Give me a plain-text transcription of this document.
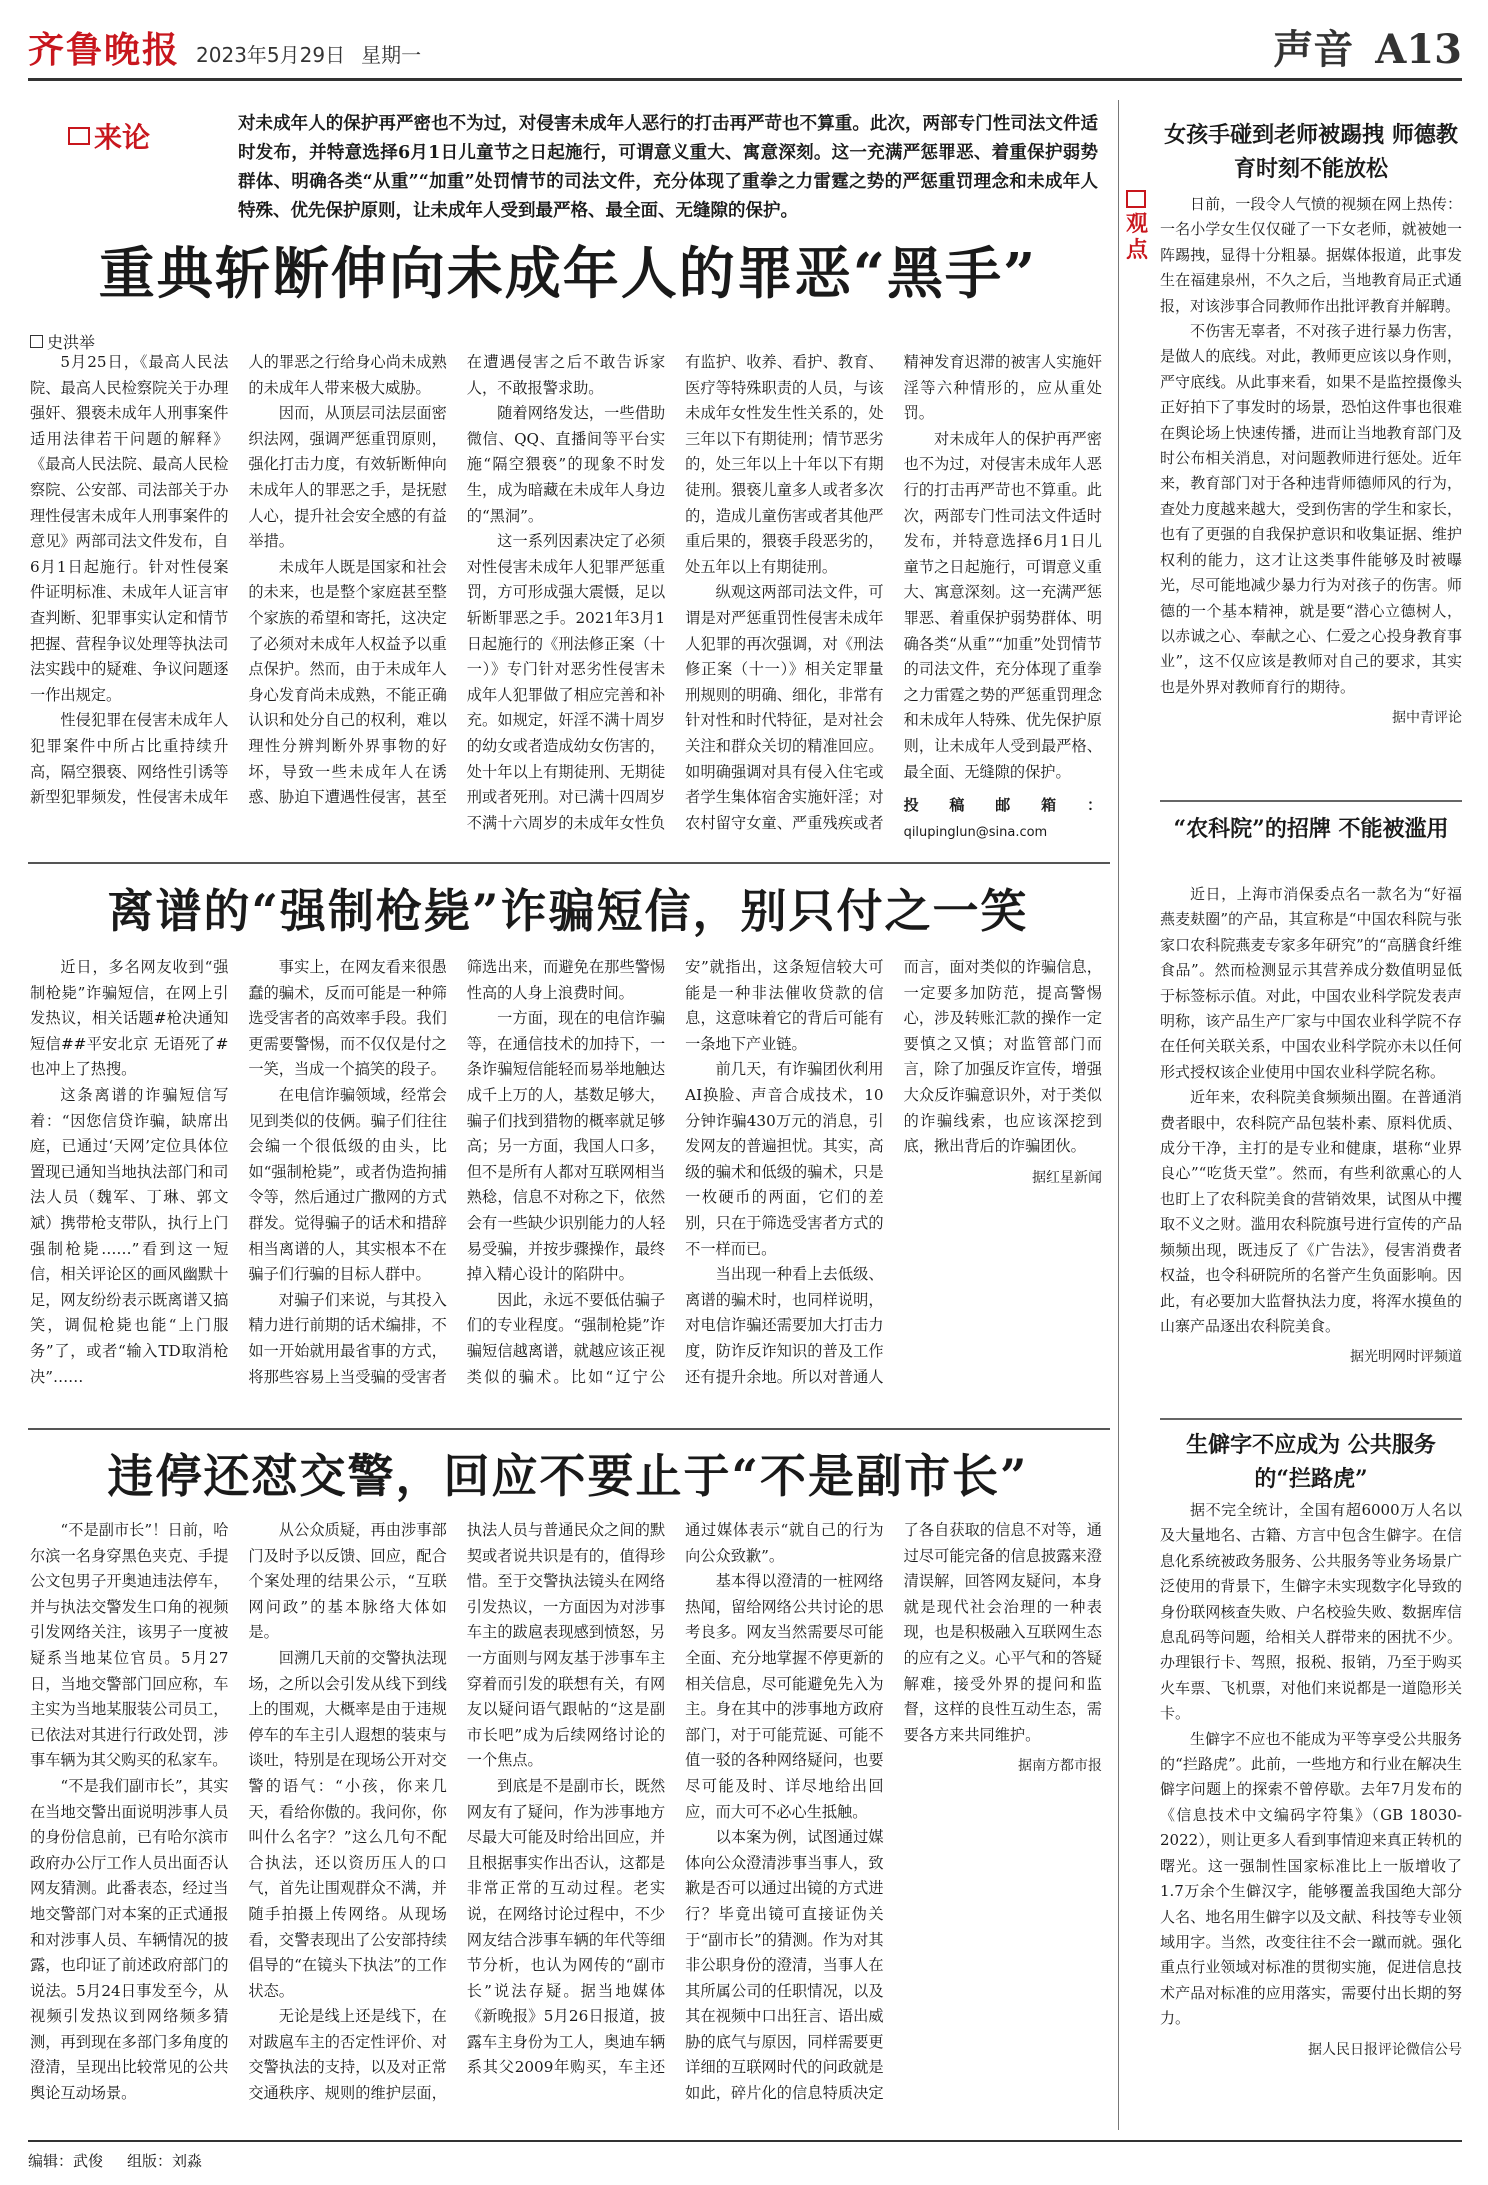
齐鲁晚报 2023年5月29日 星期一	声音 A13
来论	对未成年人的保护再严密也不为过，对侵害未成年人恶行的打击再严苛也不算重。此次，两部专门性司法文件适时发布，并特意选择6月1日儿童节之日起施行，可谓意义重大、寓意深刻。这一充满严惩罪恶、着重保护弱势群体、明确各类“从重”“加重”处罚情节的司法文件，充分体现了重拳之力雷霆之势的严惩重罚理念和未成年人特殊、优先保护原则，让未成年人受到最严格、最全面、无缝隙的保护。
重典斩断伸向未成年人的罪恶“黑手”
史洪举

5月25日，《最高人民法院、最高人民检察院关于办理强奸、猥亵未成年人刑事案件适用法律若干问题的解释》《最高人民法院、最高人民检察院、公安部、司法部关于办理性侵害未成年人刑事案件的意见》两部司法文件发布，自6月1日起施行。针对性侵案件证明标准、未成年人证言审查判断、犯罪事实认定和情节把握、营程争议处理等执法司法实践中的疑难、争议问题逐一作出规定。

性侵犯罪在侵害未成年人犯罪案件中所占比重持续升高，隔空猥亵、网络性引诱等新型犯罪频发，性侵害未成年人的罪恶之行给身心尚未成熟的未成年人带来极大威胁。

因而，从顶层司法层面密织法网，强调严惩重罚原则，强化打击力度，有效斩断伸向未成年人的罪恶之手，是抚慰人心，提升社会安全感的有益举措。

未成年人既是国家和社会的未来，也是整个家庭甚至整个家族的希望和寄托，这决定了必须对未成年人权益予以重点保护。然而，由于未成年人身心发育尚未成熟，不能正确认识和处分自己的权利，难以理性分辨判断外界事物的好坏，导致一些未成年人在诱惑、胁迫下遭遇性侵害，甚至在遭遇侵害之后不敢告诉家人，不敢报警求助。

随着网络发达，一些借助微信、QQ、直播间等平台实施“隔空猥亵”的现象不时发生，成为暗藏在未成年人身边的“黑洞”。

这一系列因素决定了必须对性侵害未成年人犯罪严惩重罚，方可形成强大震慑，足以斩断罪恶之手。2021年3月1日起施行的《刑法修正案（十一）》专门针对恶劣性侵害未成年人犯罪做了相应完善和补充。如规定，奸淫不满十周岁的幼女或者造成幼女伤害的，处十年以上有期徒刑、无期徒刑或者死刑。对已满十四周岁不满十六周岁的未成年女性负有监护、收养、看护、教育、医疗等特殊职责的人员，与该未成年女性发生性关系的，处三年以下有期徒刑；情节恶劣的，处三年以上十年以下有期徒刑。猥亵儿童多人或者多次的，造成儿童伤害或者其他严重后果的，猥亵手段恶劣的，处五年以上有期徒刑。

纵观这两部司法文件，可谓是对严惩重罚性侵害未成年人犯罪的再次强调，对《刑法修正案（十一）》相关定罪量刑规则的明确、细化，非常有针对性和时代特征，是对社会关注和群众关切的精准回应。如明确强调对具有侵入住宅或者学生集体宿舍实施奸淫；对农村留守女童、严重残疾或者精神发育迟滞的被害人实施奸淫等六种情形的，应从重处罚。

对未成年人的保护再严密也不为过，对侵害未成年人恶行的打击再严苛也不算重。此次，两部专门性司法文件适时发布，并特意选择6月1日儿童节之日起施行，可谓意义重大、寓意深刻。这一充满严惩罪恶、着重保护弱势群体、明确各类“从重”“加重”处罚情节的司法文件，充分体现了重拳之力雷霆之势的严惩重罚理念和未成年人特殊、优先保护原则，让未成年人受到最严格、最全面、无缝隙的保护。

投稿邮箱：qilupinglun@sina.com
离谱的“强制枪毙”诈骗短信，别只付之一笑

近日，多名网友收到“强制枪毙”诈骗短信，在网上引发热议，相关话题#枪决通知短信##平安北京 无语死了#也冲上了热搜。

这条离谱的诈骗短信写着：“因您信贷诈骗，缺席出庭，已通过‘天网’定位具体位置现已通知当地执法部门和司法人员（魏军、丁琳、郭文斌）携带枪支带队，执行上门强制枪毙……”看到这一短信，相关评论区的画风幽默十足，网友纷纷表示既离谱又搞笑，调侃枪毙也能“上门服务”了，或者“输入TD取消枪决”……

事实上，在网友看来很愚蠢的骗术，反而可能是一种筛选受害者的高效率手段。我们更需要警惕，而不仅仅是付之一笑，当成一个搞笑的段子。

在电信诈骗领域，经常会见到类似的伎俩。骗子们往往会编一个很低级的由头，比如“强制枪毙”，或者伪造拘捕令等，然后通过广撒网的方式群发。觉得骗子的话术和措辞相当离谱的人，其实根本不在骗子们行骗的目标人群中。

对骗子们来说，与其投入精力进行前期的话术编排，不如一开始就用最省事的方式，将那些容易上当受骗的受害者筛选出来，而避免在那些警惕性高的人身上浪费时间。

一方面，现在的电信诈骗等，在通信技术的加持下，一条诈骗短信能轻而易举地触达成千上万的人，基数足够大，骗子们找到猎物的概率就足够高；另一方面，我国人口多，但不是所有人都对互联网相当熟稔，信息不对称之下，依然会有一些缺少识别能力的人轻易受骗，并按步骤操作，最终掉入精心设计的陷阱中。

因此，永远不要低估骗子们的专业程度。“强制枪毙”诈骗短信越离谱，就越应该正视类似的骗术。比如“辽宁公安”就指出，这条短信较大可能是一种非法催收贷款的信息，这意味着它的背后可能有一条地下产业链。

前几天，有诈骗团伙利用AI换脸、声音合成技术，10分钟诈骗430万元的消息，引发网友的普遍担忧。其实，高级的骗术和低级的骗术，只是一枚硬币的两面，它们的差别，只在于筛选受害者方式的不一样而已。

当出现一种看上去低级、离谱的骗术时，也同样说明，对电信诈骗还需要加大打击力度，防诈反诈知识的普及工作还有提升余地。所以对普通人而言，面对类似的诈骗信息，一定要多加防范，提高警惕心，涉及转账汇款的操作一定要慎之又慎；对监管部门而言，除了加强反诈宣传，增强大众反诈骗意识外，对于类似的诈骗线索，也应该深挖到底，揪出背后的诈骗团伙。

据红星新闻
违停还怼交警，回应不要止于“不是副市长”

“不是副市长”！日前，哈尔滨一名身穿黑色夹克、手提公文包男子开奥迪违法停车，并与执法交警发生口角的视频引发网络关注，该男子一度被疑系当地某位官员。5月27日，当地交警部门回应称，车主实为当地某服装公司员工，已依法对其进行行政处罚，涉事车辆为其父购买的私家车。

“不是我们副市长”，其实在当地交警出面说明涉事人员的身份信息前，已有哈尔滨市政府办公厅工作人员出面否认网友猜测。此番表态，经过当地交警部门对本案的正式通报和对涉事人员、车辆情况的披露，也印证了前述政府部门的说法。5月24日事发至今，从视频引发热议到网络频多猜测，再到现在多部门多角度的澄清，呈现出比较常见的公共舆论互动场景。

从公众质疑，再由涉事部门及时予以反馈、回应，配合个案处理的结果公示，“互联网问政”的基本脉络大体如是。

回溯几天前的交警执法现场，之所以会引发从线下到线上的围观，大概率是由于违规停车的车主引人遐想的装束与谈吐，特别是在现场公开对交警的语气：“小孩，你来几天，看给你傲的。我问你，你叫什么名字？”这么几句不配合执法，还以资历压人的口气，首先让围观群众不满，并随手拍摄上传网络。从现场看，交警表现出了公安部持续倡导的“在镜头下执法”的工作状态。

无论是线上还是线下，在对跋扈车主的否定性评价、对交警执法的支持，以及对正常交通秩序、规则的维护层面，执法人员与普通民众之间的默契或者说共识是有的，值得珍惜。至于交警执法镜头在网络引发热议，一方面因为对涉事车主的跋扈表现感到愤怒，另一方面则与网友基于涉事车主穿着而引发的联想有关，有网友以疑问语气跟帖的“这是副市长吧”成为后续网络讨论的一个焦点。

到底是不是副市长，既然网友有了疑问，作为涉事地方尽最大可能及时给出回应，并且根据事实作出否认，这都是非常正常的互动过程。老实说，在网络讨论过程中，不少网友结合涉事车辆的年代等细节分析，也认为网传的“副市长”说法存疑。据当地媒体《新晚报》5月26日报道，披露车主身份为工人，奥迪车辆系其父2009年购买，车主还通过媒体表示“就自己的行为向公众致歉”。

基本得以澄清的一桩网络热闻，留给网络公共讨论的思考良多。网友当然需要尽可能全面、充分地掌握不停更新的相关信息，尽可能避免先入为主。身在其中的涉事地方政府部门，对于可能荒诞、可能不值一驳的各种网络疑问，也要尽可能及时、详尽地给出回应，而大可不必心生抵触。

以本案为例，试图通过媒体向公众澄清涉事当事人，致歉是否可以通过出镜的方式进行？毕竟出镜可直接证伪关于“副市长”的猜测。作为对其非公职身份的澄清，当事人在其所属公司的任职情况，以及其在视频中口出狂言、语出威胁的底气与原因，同样需要更详细的互联网时代的问政就是如此，碎片化的信息特质决定了各自获取的信息不对等，通过尽可能完备的信息披露来澄清误解，回答网友疑问，本身就是现代社会治理的一种表现，也是积极融入互联网生态的应有之义。心平气和的答疑解难，接受外界的提问和监督，这样的良性互动生态，需要各方来共同维护。

据南方都市报
观点
女孩手碰到老师被踢拽 师德教育时刻不能放松

日前，一段令人气愤的视频在网上热传：一名小学女生仅仅碰了一下女老师，就被她一阵踢拽，显得十分粗暴。据媒体报道，此事发生在福建泉州，不久之后，当地教育局正式通报，对该涉事合同教师作出批评教育并解聘。

不伤害无辜者，不对孩子进行暴力伤害，是做人的底线。对此，教师更应该以身作则，严守底线。从此事来看，如果不是监控摄像头正好拍下了事发时的场景，恐怕这件事也很难在舆论场上快速传播，进而让当地教育部门及时公布相关消息，对问题教师进行惩处。近年来，教育部门对于各种违背师德师风的行为，查处力度越来越大，受到伤害的学生和家长，也有了更强的自我保护意识和收集证据、维护权利的能力，这才让这类事件能够及时被曝光，尽可能地减少暴力行为对孩子的伤害。师德的一个基本精神，就是要“潜心立德树人，以赤诚之心、奉献之心、仁爱之心投身教育事业”，这不仅应该是教师对自己的要求，其实也是外界对教师育行的期待。

据中青评论
“农科院”的招牌 不能被滥用

近日，上海市消保委点名一款名为“好福燕麦麸圈”的产品，其宣称是“中国农科院与张家口农科院燕麦专家多年研究”的“高膳食纤维食品”。然而检测显示其营养成分数值明显低于标签标示值。对此，中国农业科学院发表声明称，该产品生产厂家与中国农业科学院不存在任何关联关系，中国农业科学院亦未以任何形式授权该企业使用中国农业科学院名称。

近年来，农科院美食频频出圈。在普通消费者眼中，农科院产品包装朴素、原料优质、成分干净，主打的是专业和健康，堪称“业界良心”“吃货天堂”。然而，有些利欲熏心的人也盯上了农科院美食的营销效果，试图从中攫取不义之财。滥用农科院旗号进行宣传的产品频频出现，既违反了《广告法》，侵害消费者权益，也令科研院所的名誉产生负面影响。因此，有必要加大监督执法力度，将浑水摸鱼的山寨产品逐出农科院美食。

据光明网时评频道
生僻字不应成为 公共服务的“拦路虎”

据不完全统计，全国有超6000万人名以及大量地名、古籍、方言中包含生僻字。在信息化系统被政务服务、公共服务等业务场景广泛使用的背景下，生僻字未实现数字化导致的身份联网核查失败、户名校验失败、数据库信息乱码等问题，给相关人群带来的困扰不少。办理银行卡、驾照，报税、报销，乃至于购买火车票、飞机票，对他们来说都是一道隐形关卡。

生僻字不应也不能成为平等享受公共服务的“拦路虎”。此前，一些地方和行业在解决生僻字问题上的探索不曾停歇。去年7月发布的《信息技术中文编码字符集》（GB 18030-2022），则让更多人看到事情迎来真正转机的曙光。这一强制性国家标准比上一版增收了1.7万余个生僻汉字，能够覆盖我国绝大部分人名、地名用生僻字以及文献、科技等专业领域用字。当然，改变往往不会一蹴而就。强化重点行业领域对标准的贯彻实施，促进信息技术产品对标准的应用落实，需要付出长期的努力。

据人民日报评论微信公号
编辑：武俊 组版：刘淼
